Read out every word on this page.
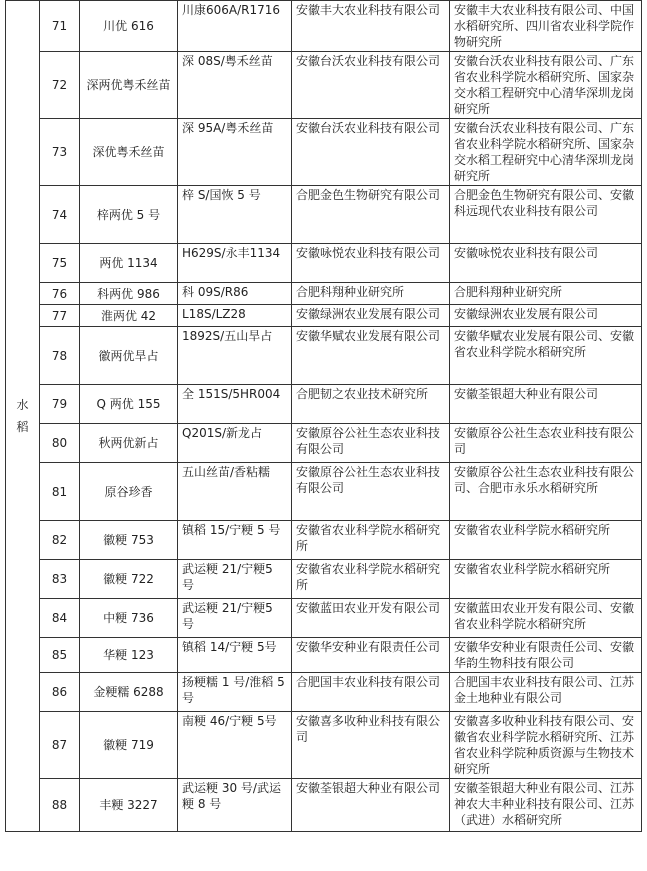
水稻	71	川优 616	川康606A/R1716	安徽丰大农业科技有限公司	安徽丰大农业科技有限公司、中国水稻研究所、四川省农业科学院作物研究所
	72	深两优粤禾丝苗	深 08S/粤禾丝苗	安徽台沃农业科技有限公司	安徽台沃农业科技有限公司、广东省农业科学院水稻研究所、国家杂交水稻工程研究中心清华深圳龙岗研究所
	73	深优粤禾丝苗	深 95A/粤禾丝苗	安徽台沃农业科技有限公司	安徽台沃农业科技有限公司、广东省农业科学院水稻研究所、国家杂交水稻工程研究中心清华深圳龙岗研究所
	74	梓两优 5 号	梓 S/国恢 5 号	合肥金色生物研究有限公司	合肥金色生物研究有限公司、安徽科远现代农业科技有限公司
	75	两优 1134	H629S/永丰1134	安徽咏悦农业科技有限公司	安徽咏悦农业科技有限公司
	76	科两优 986	科 09S/R86	合肥科翔种业研究所	合肥科翔种业研究所
	77	淮两优 42	L18S/LZ28	安徽绿洲农业发展有限公司	安徽绿洲农业发展有限公司
	78	徽两优旱占	1892S/五山旱占	安徽华赋农业发展有限公司	安徽华赋农业发展有限公司、安徽省农业科学院水稻研究所
	79	Q 两优 155	全 151S/5HR004	合肥韧之农业技术研究所	安徽荃银超大种业有限公司
	80	秋两优新占	Q201S/新龙占	安徽原谷公社生态农业科技有限公司	安徽原谷公社生态农业科技有限公司
	81	原谷珍香	五山丝苗/香粘糯	安徽原谷公社生态农业科技有限公司	安徽原谷公社生态农业科技有限公司、合肥市永乐水稻研究所
	82	徽粳 753	镇稻 15/宁粳 5 号	安徽省农业科学院水稻研究所	安徽省农业科学院水稻研究所
	83	徽粳 722	武运粳 21/宁粳5 号	安徽省农业科学院水稻研究所	安徽省农业科学院水稻研究所
	84	中粳 736	武运粳 21/宁粳5 号	安徽蓝田农业开发有限公司	安徽蓝田农业开发有限公司、安徽省农业科学院水稻研究所
	85	华粳 123	镇稻 14/宁粳 5号	安徽华安种业有限责任公司	安徽华安种业有限责任公司、安徽华韵生物科技有限公司
	86	金粳糯 6288	扬粳糯 1 号/淮稻 5 号	合肥国丰农业科技有限公司	合肥国丰农业科技有限公司、江苏金土地种业有限公司
	87	徽粳 719	南粳 46/宁粳 5号	安徽喜多收种业科技有限公司	安徽喜多收种业科技有限公司、安徽省农业科学院水稻研究所、江苏省农业科学院种质资源与生物技术研究所
	88	丰粳 3227	武运粳 30 号/武运粳 8 号	安徽荃银超大种业有限公司	安徽荃银超大种业有限公司、江苏神农大丰种业科技有限公司、江苏（武进）水稻研究所
